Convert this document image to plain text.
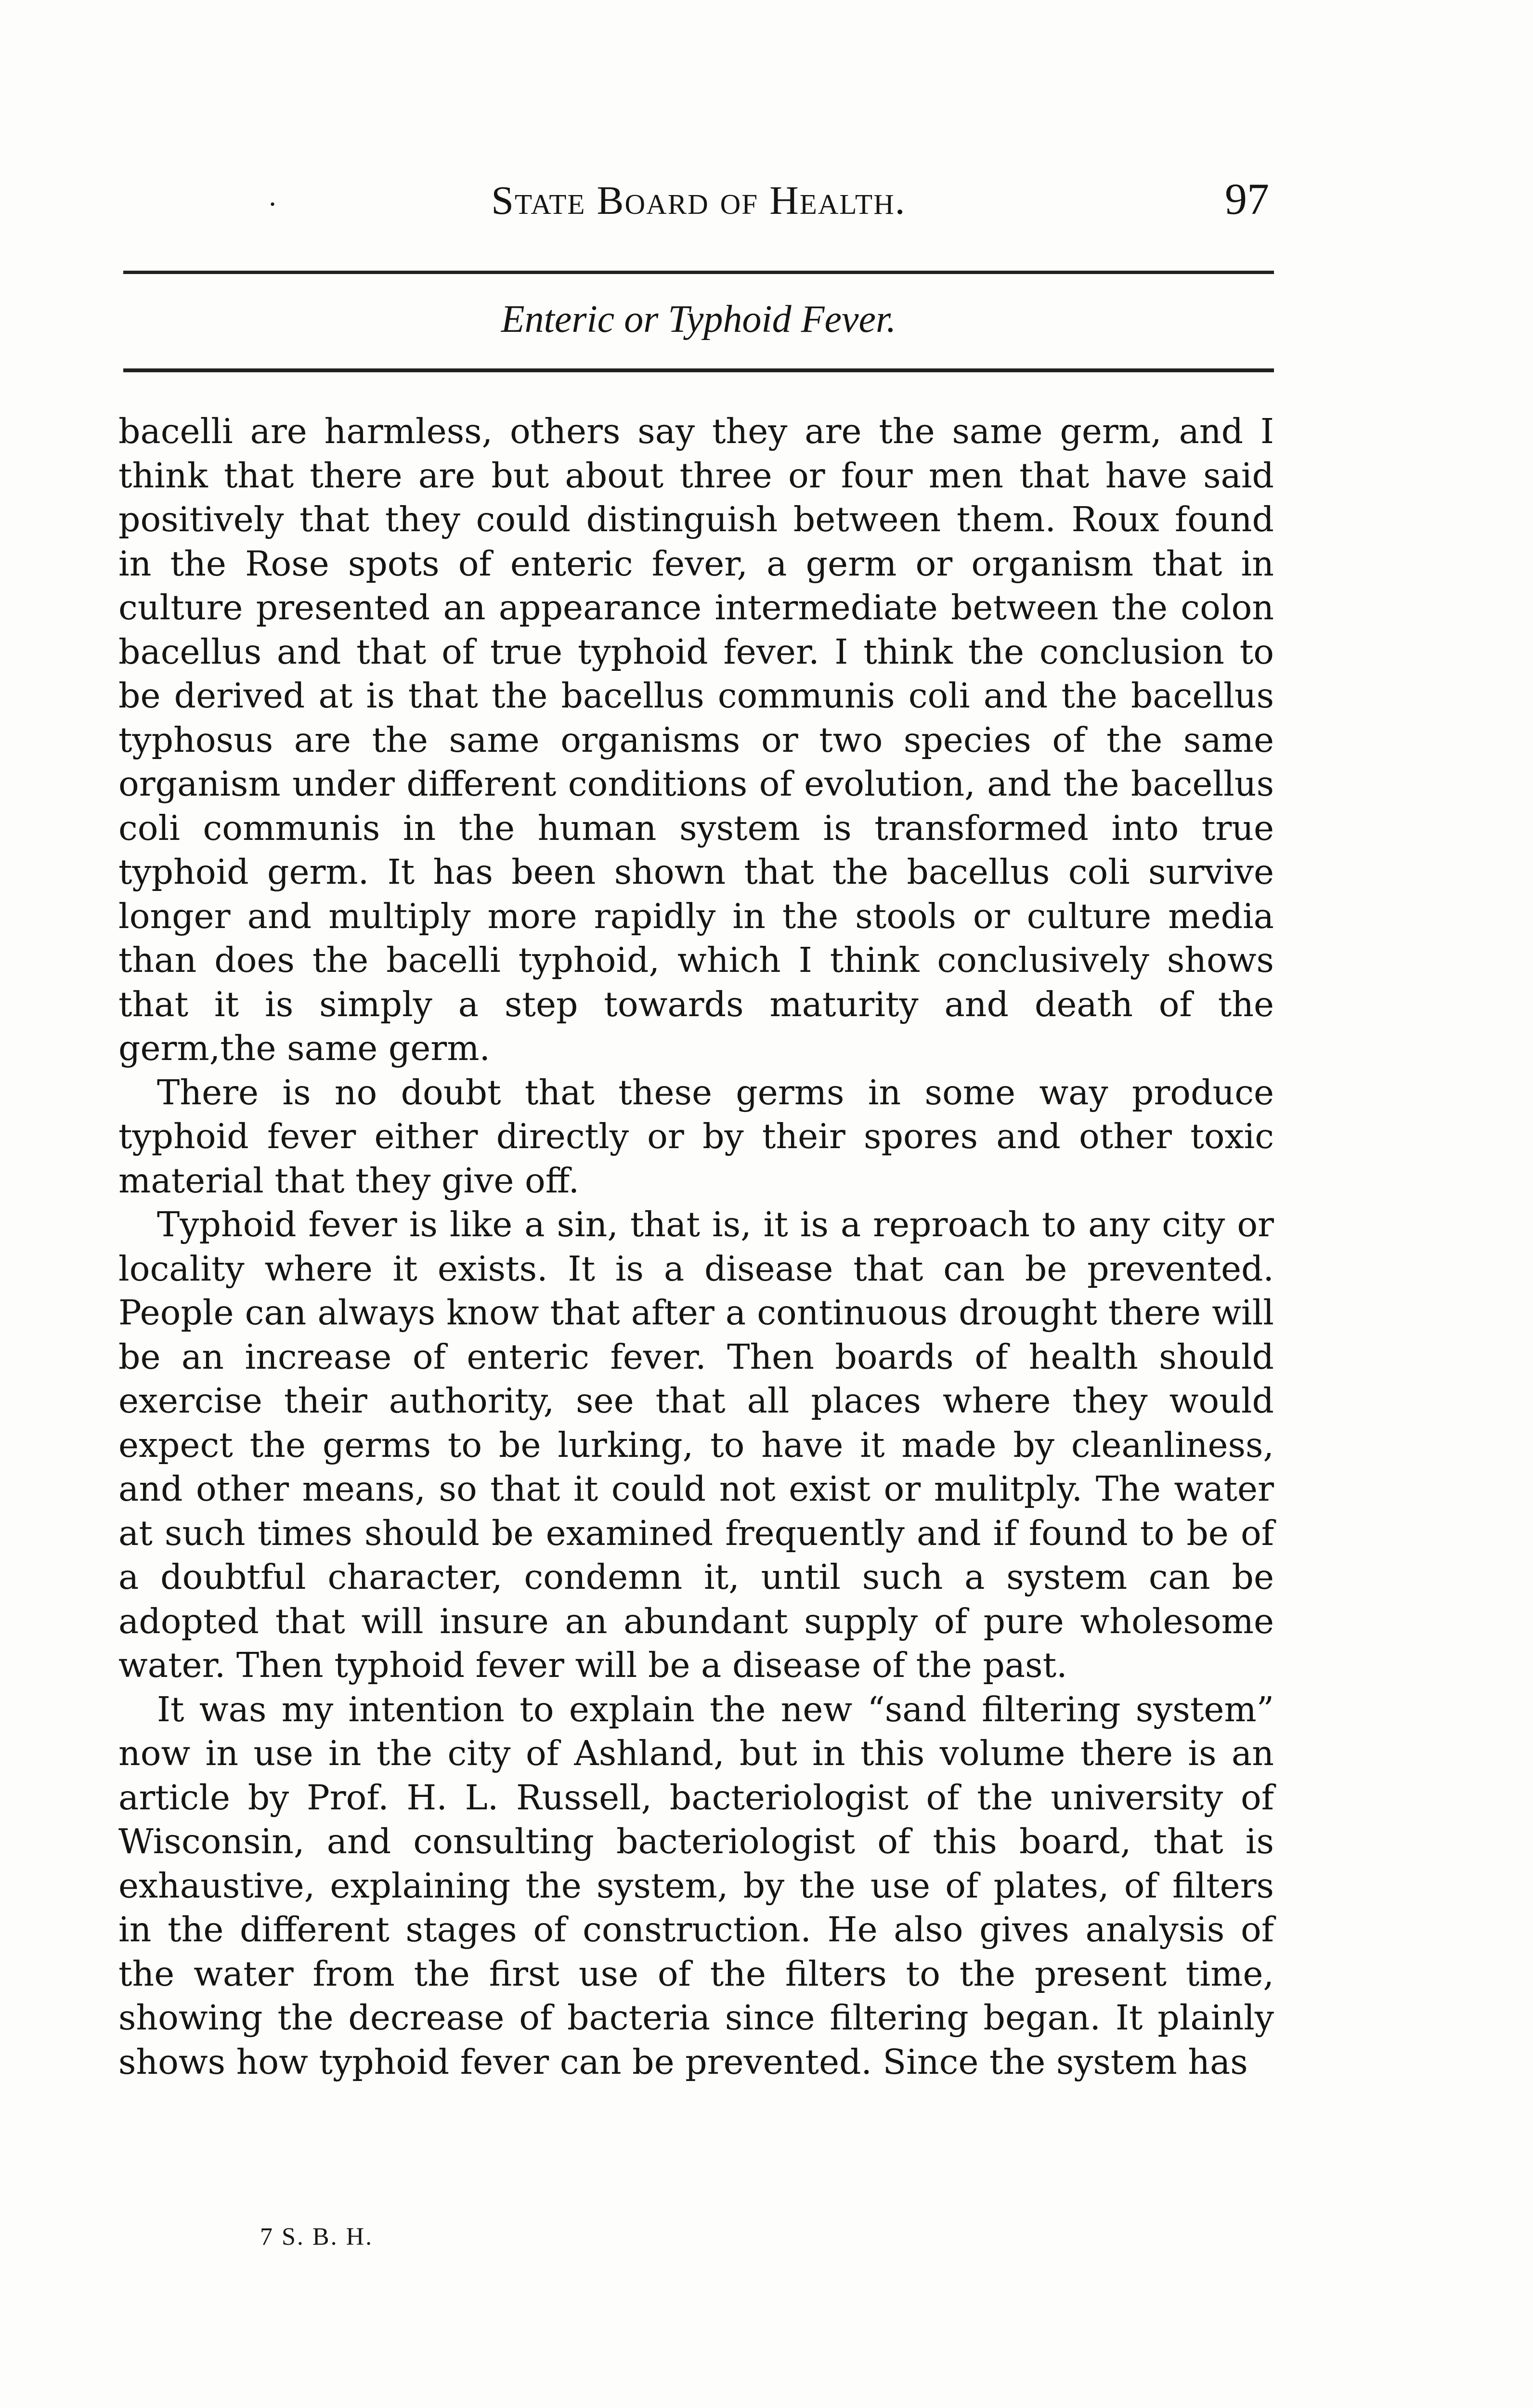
·	State Board of Health.	97
Enteric or Typhoid Fever.

bacelli are harmless, others say they are the same germ, and I think that there are but about three or four men that have said positively that they could distinguish between them. Roux found in the Rose spots of enteric fever, a germ or organism that in culture presented an appearance intermediate between the colon bacellus and that of true typhoid fever. I think the conclusion to be derived at is that the bacellus communis coli and the bacellus typhosus are the same organisms or two species of the same organism under different conditions of evolution, and the bacellus coli communis in the human system is transformed into true typhoid germ. It has been shown that the bacellus coli survive longer and multiply more rapidly in the stools or culture media than does the bacelli typhoid, which I think conclusively shows that it is simply a step towards maturity and death of the germ,the same germ.

There is no doubt that these germs in some way produce typhoid fever either directly or by their spores and other toxic material that they give off.

Typhoid fever is like a sin, that is, it is a reproach to any city or locality where it exists. It is a disease that can be prevented. People can always know that after a continuous drought there will be an increase of enteric fever. Then boards of health should exercise their authority, see that all places where they would expect the germs to be lurking, to have it made by cleanliness, and other means, so that it could not exist or mulitply. The water at such times should be examined frequently and if found to be of a doubtful character, condemn it, until such a system can be adopted that will insure an abundant supply of pure wholesome water. Then typhoid fever will be a disease of the past.

It was my intention to explain the new “sand filtering system” now in use in the city of Ashland, but in this volume there is an article by Prof. H. L. Russell, bacteriologist of the university of Wisconsin, and consulting bacteriologist of this board, that is exhaustive, explaining the system, by the use of plates, of filters in the different stages of construction. He also gives analysis of the water from the first use of the filters to the present time, showing the decrease of bacteria since filtering began. It plainly shows how typhoid fever can be prevented. Since the system has

7 S. B. H.
